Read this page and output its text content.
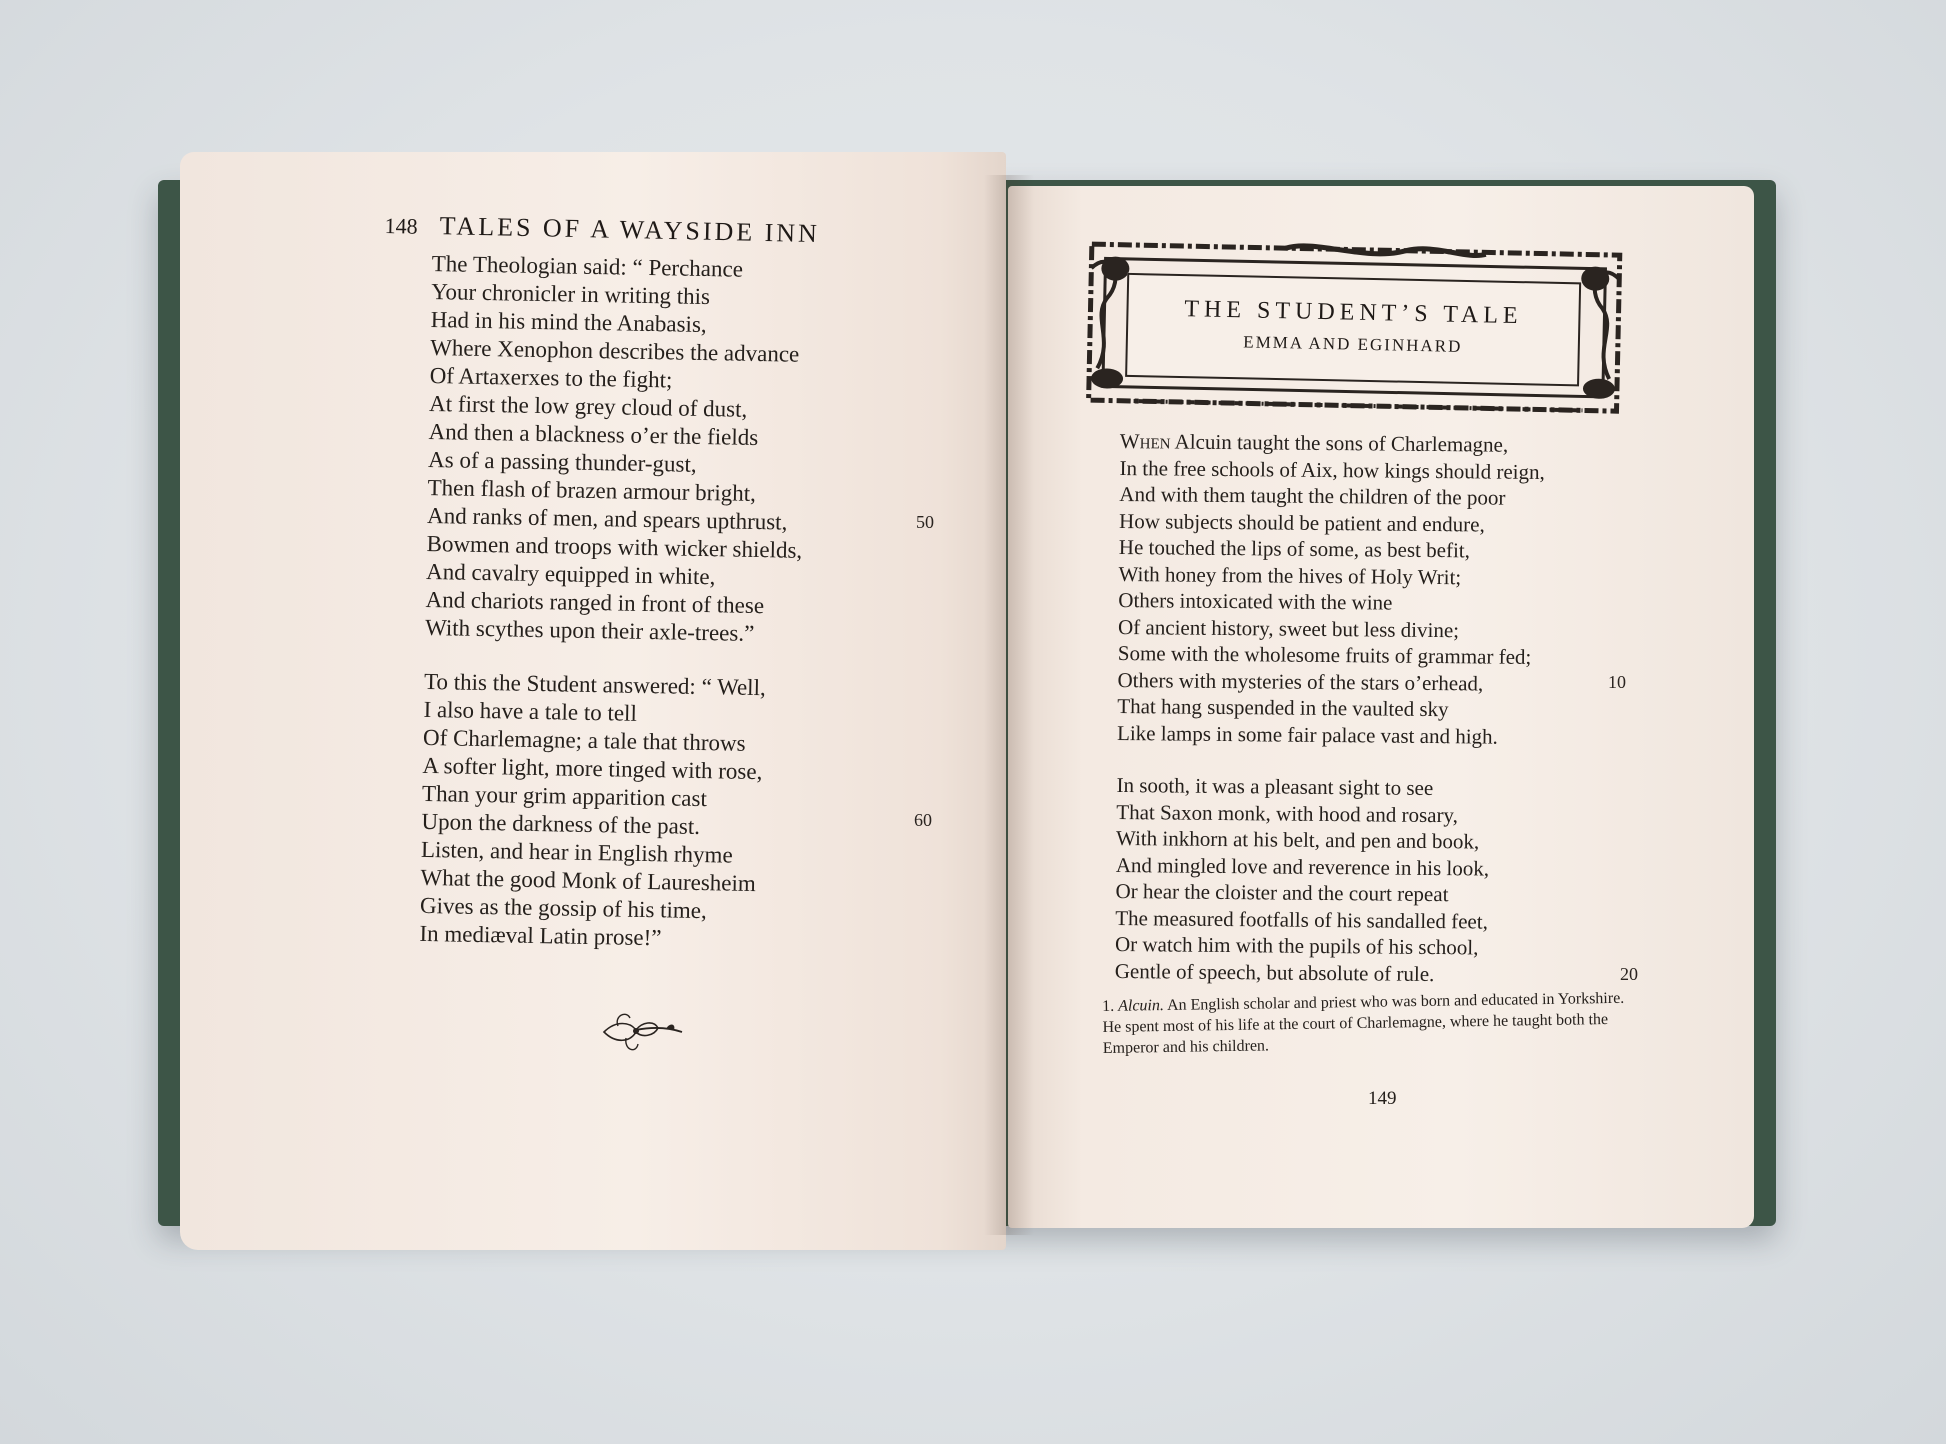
148 TALES OF A WAYSIDE INN
The Theologian said: “ Perchance
Your chronicler in writing this
Had in his mind the Anabasis,
Where Xenophon describes the advance
Of Artaxerxes to the fight;
At first the low grey cloud of dust,
And then a blackness o’er the fields
As of a passing thunder-gust,
Then flash of brazen armour bright,
And ranks of men, and spears upthrust,
Bowmen and troops with wicker shields,
And cavalry equipped in white,
And chariots ranged in front of these
With scythes upon their axle-trees.”
To this the Student answered: “ Well,
I also have a tale to tell
Of Charlemagne; a tale that throws
A softer light, more tinged with rose,
Than your grim apparition cast
Upon the darkness of the past.
Listen, and hear in English rhyme
What the good Monk of Lauresheim
Gives as the gossip of his time,
In mediæval Latin prose!”
50
60
THE STUDENT’S TALE
EMMA AND EGINHARD
When Alcuin taught the sons of Charlemagne,
In the free schools of Aix, how kings should reign,
And with them taught the children of the poor
How subjects should be patient and endure,
He touched the lips of some, as best befit,
With honey from the hives of Holy Writ;
Others intoxicated with the wine
Of ancient history, sweet but less divine;
Some with the wholesome fruits of grammar fed;
Others with mysteries of the stars o’erhead,
That hang suspended in the vaulted sky
Like lamps in some fair palace vast and high.
In sooth, it was a pleasant sight to see
That Saxon monk, with hood and rosary,
With inkhorn at his belt, and pen and book,
And mingled love and reverence in his look,
Or hear the cloister and the court repeat
The measured footfalls of his sandalled feet,
Or watch him with the pupils of his school,
Gentle of speech, but absolute of rule.
10
20
1. Alcuin. An English scholar and priest who was born and educated in Yorkshire. He spent most of his life at the court of Charlemagne, where he taught both the Emperor and his children.
149
